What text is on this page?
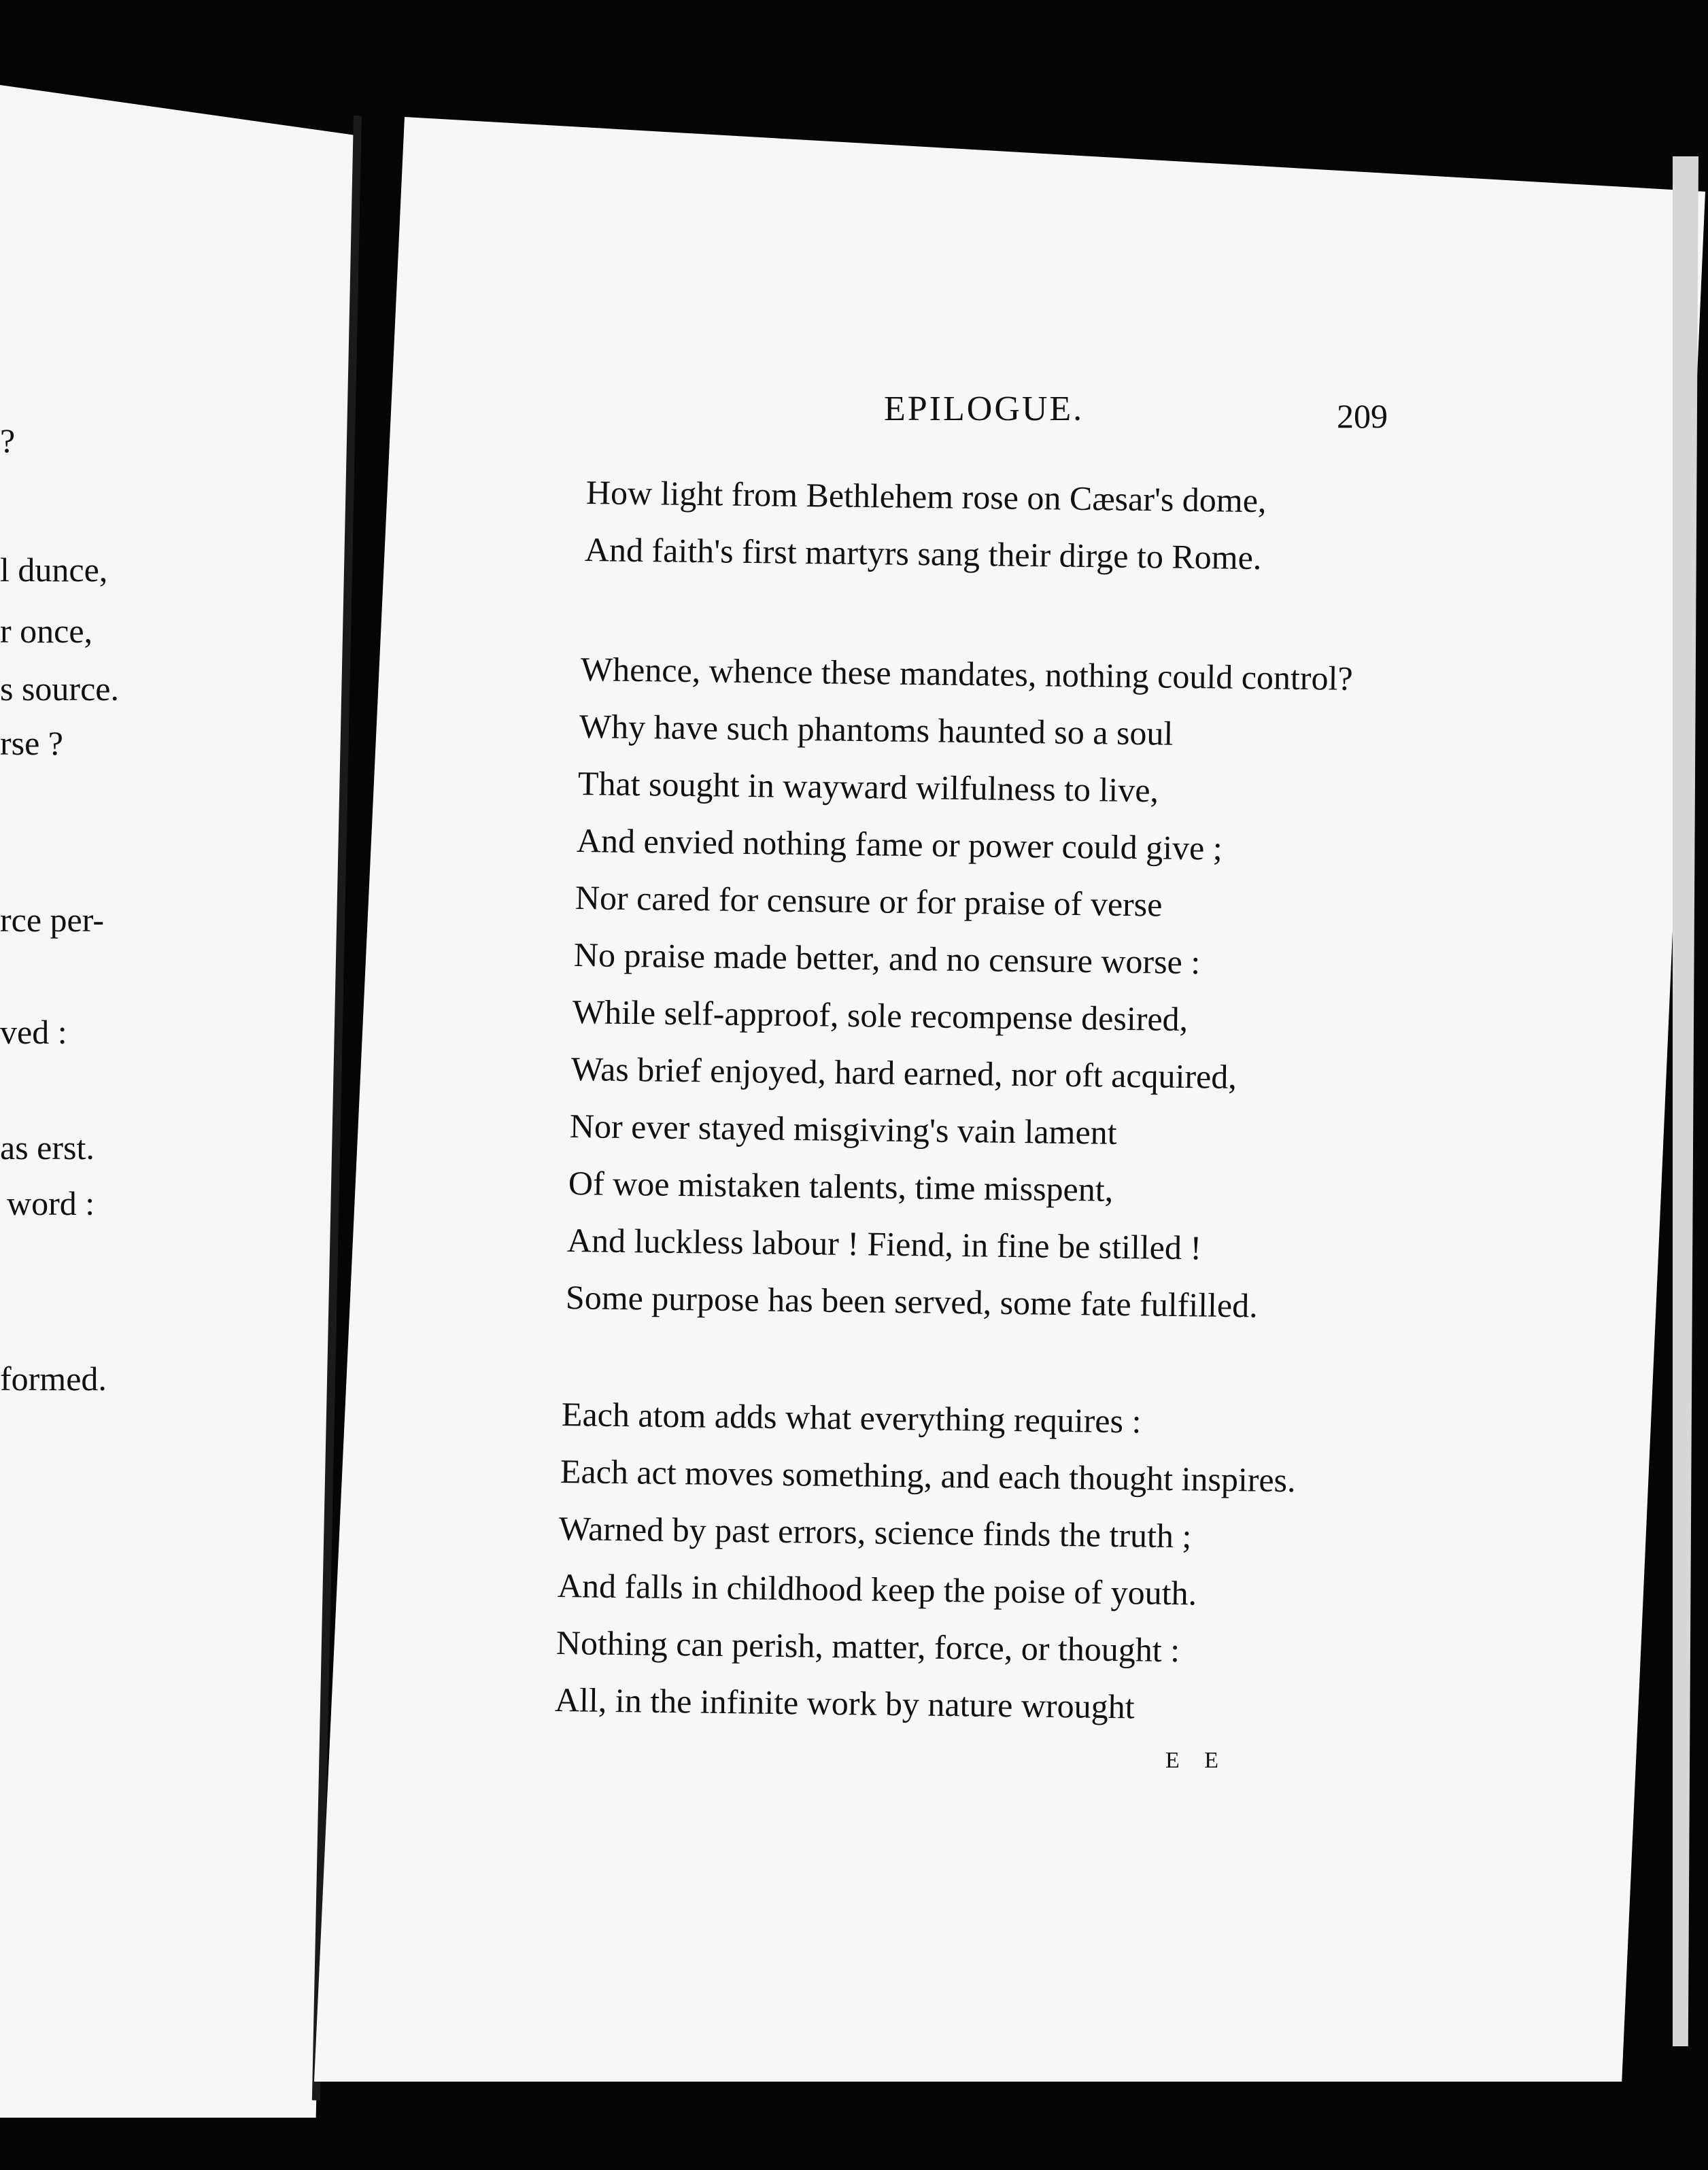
?
l dunce,
r once,
s source.
rse ?
rce per-
ved :
as erst.
word :
formed.
EPILOGUE.	209
How light from Bethlehem rose on Cæsar's dome,
And faith's first martyrs sang their dirge to Rome.
Whence, whence these mandates, nothing could control?
Why have such phantoms haunted so a soul
That sought in wayward wilfulness to live,
And envied nothing fame or power could give ;
Nor cared for censure or for praise of verse
No praise made better, and no censure worse :
While self-approof, sole recompense desired,
Was brief enjoyed, hard earned, nor oft acquired,
Nor ever stayed misgiving's vain lament
Of woe mistaken talents, time misspent,
And luckless labour ! Fiend, in fine be stilled !
Some purpose has been served, some fate fulfilled.
Each atom adds what everything requires :
Each act moves something, and each thought inspires.
Warned by past errors, science finds the truth ;
And falls in childhood keep the poise of youth.
Nothing can perish, matter, force, or thought :
All, in the infinite work by nature wrought
E E
